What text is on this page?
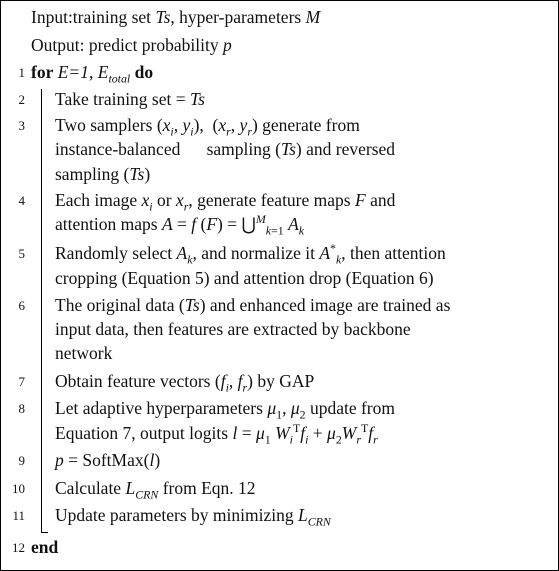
Input:training set Ts, hyper-parameters M
Output: predict probability p
1 for E=1, $E_{total}$ do
2 Take training set = Ts
3 Two samplers ($x_i$, $y_i$),  ($x_r$, $y_r$) generate from
instance-balanced      sampling (Ts) and reversed
sampling (Ts)
4 Each image $x_i$ or $x_r$, generate feature maps F and
attention maps A = f (F) = ⋃$^M_{k=1}$ $A_k$
5 Randomly select $A_k$, and normalize it $A^*_k$, then attention
cropping (Equation 5) and attention drop (Equation 6)
6 The original data (Ts) and enhanced image are trained as
input data, then features are extracted by backbone
network
7 Obtain feature vectors ($f_i$, $f_r$) by GAP
8 Let adaptive hyperparameters $\mu_1$, $\mu_2$ update from
Equation 7, output logits $l = \mu_1$ $W_i^Tf_i + \mu_2W_r^Tf_r$
9 p = SoftMax(l)
10 Calculate $L_{CRN}$ from Eqn. 12
11 Update parameters by minimizing $L_{CRN}$
12 end
